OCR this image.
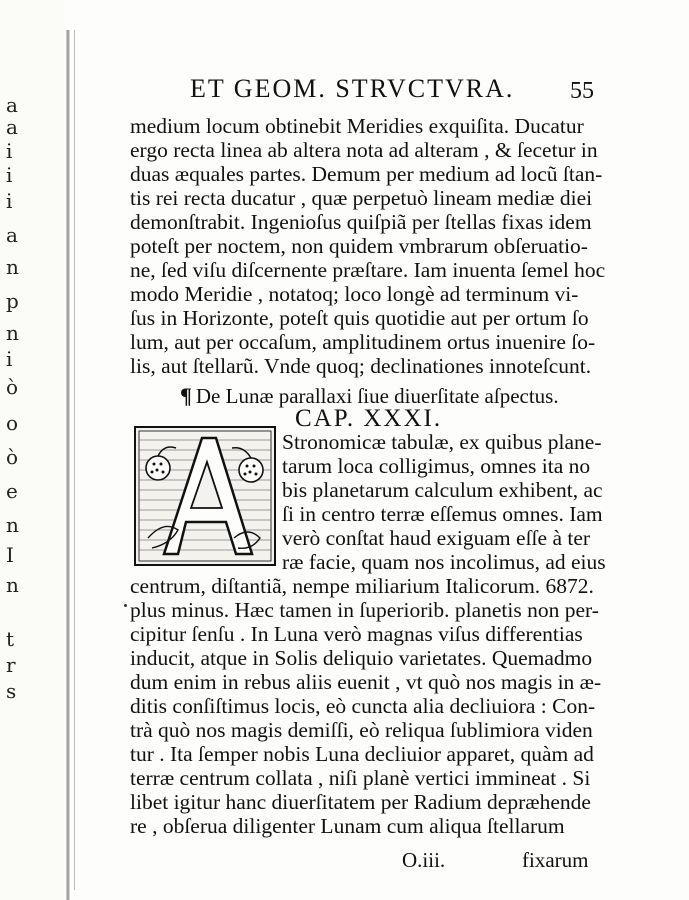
a
a
i
i
i
a
n
p
n
i
ò
o
ò
e
n
I
n
t
r
s
ET GEOM. STRVCTVRA. 55
medium locum obtinebit Meridies exquiſita. Ducatur
ergo recta linea ab altera nota ad alteram , & ſecetur in
duas æquales partes. Demum per medium ad locũ ſtan-
tis rei recta ducatur , quæ perpetuò lineam mediæ diei
demonſtrabit. Ingenioſus quiſpiã per ſtellas fixas idem
poteſt per noctem, non quidem vmbrarum obſeruatio-
ne, ſed viſu diſcernente præſtare. Iam inuenta ſemel hoc
modo Meridie , notatoq; loco longè ad terminum vi-
ſus in Horizonte, poteſt quis quotidie aut per ortum ſo
lum, aut per occaſum, amplitudinem ortus inuenire ſo-
lis, aut ſtellarũ. Vnde quoq; declinationes innoteſcunt.
¶ De Lunæ parallaxi ſiue diuerſitate aſpectus.
CAP. XXXI.
Stronomicæ tabulæ, ex quibus plane-
tarum loca colligimus, omnes ita no
bis planetarum calculum exhibent, ac
ſi in centro terræ eſſemus omnes. Iam
verò conſtat haud exiguam eſſe à ter
ræ facie, quam nos incolimus, ad eius
centrum, diſtantiã, nempe miliarium Italicorum. 6872.
plus minus. Hæc tamen in ſuperiorib. planetis non per-
cipitur ſenſu . In Luna verò magnas viſus differentias
inducit, atque in Solis deliquio varietates. Quemadmo
dum enim in rebus aliis euenit , vt quò nos magis in æ-
ditis conſiſtimus locis, eò cuncta alia decliuiora : Con-
trà quò nos magis demiſſi, eò reliqua ſublimiora viden
tur . Ita ſemper nobis Luna decliuior apparet, quàm ad
terræ centrum collata , niſi planè vertici immineat . Si
libet igitur hanc diuerſitatem per Radium depræhende
re , obſerua diligenter Lunam cum aliqua ſtellarum
O.iii.	fixarum
